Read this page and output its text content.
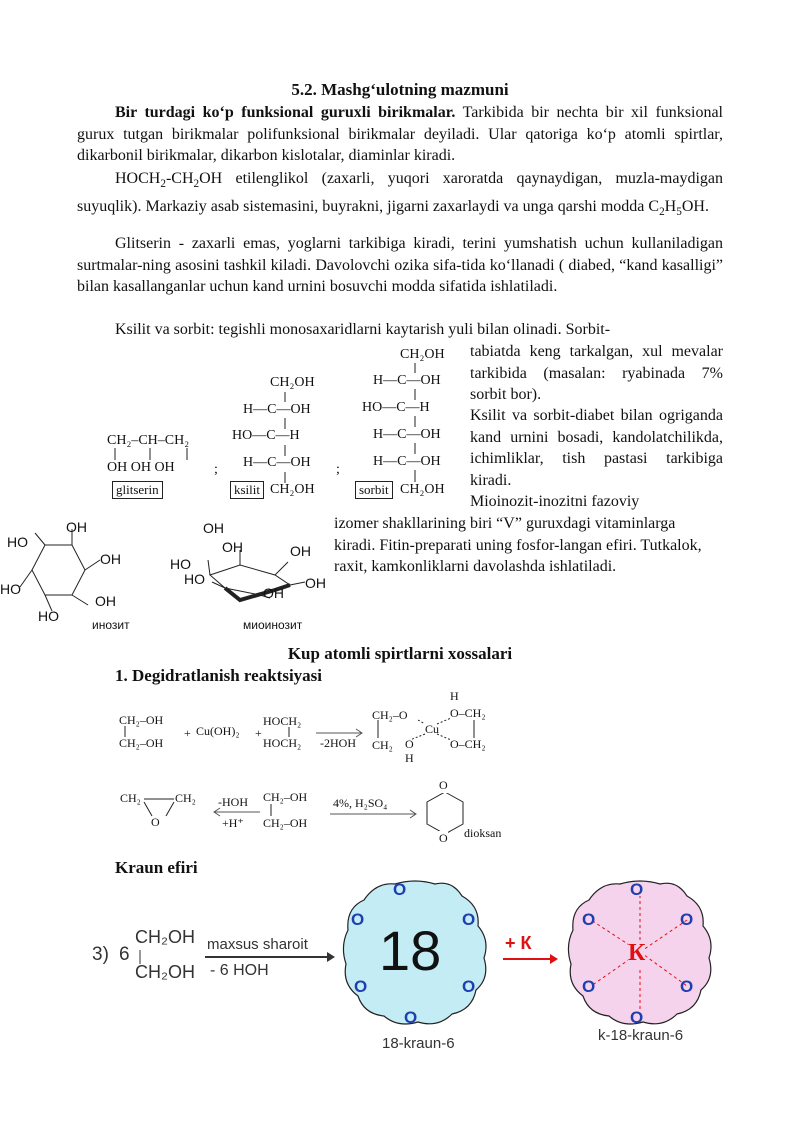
5.2. Mashg‘ulotning mazmuni

Bir turdagi ko‘p funksional guruxli birikmalar. Tarkibida bir nechta bir xil funksional gurux tutgan birikmalar polifunksional birikmalar deyiladi. Ular qatoriga ko‘p atomli spirtlar, dikarbonil birikmalar, dikarbon kislotalar, diaminlar kiradi.

$HOCH_2-CH_2OH$ etilenglikol (zaxarli, yuqori xaroratda qaynaydigan, muzla-maydigan suyuqlik). Markaziy asab sistemasini, buyrakni, jigarni zaxarlaydi va unga qarshi modda $C_2H_5OH$.

Glitserin - zaxarli emas, yoglarni tarkibiga kiradi, terini yumshatish uchun kullaniladigan surtmalar-ning asosini tashkil kiladi. Davolovchi ozika sifa-tida ko‘llanadi ( diabed, “kand kasalligi” bilan kasallanganlar uchun kand urnini bosuvchi modda sifatida ishlatiladi.

Ksilit va sorbit: tegishli monosaxaridlarni kaytarish yuli bilan olinadi. Sorbit-

tabiatda keng tarkalgan, xul mevalar tarkibida (masalan: ryabinada 7% sorbit bor).

Ksilit va sorbit-diabet bilan ogriganda kand urnini bosadi, kandolatchilikda, ichimliklar, tish pastasi tarkibiga kiradi.

Mioinozit-inozitni fazoviy

izomer shakllarining biri “V” guruxdagi vitaminlarga kiradi. Fitin-preparati uning fosfor-langan efiri. Tutkalok, raxit, kamkonliklarni davolashda ishlatiladi.

CH₂–CH–CH₂
OH OH OH	;
glitserin
CH₂OH
H—C—OH
HO—C—H
H—C—OH
CH₂OH
ksilit
;
CH₂OH
H—C—OH
HO—C—H
H—C—OH
H—C—OH
CH₂OH
sorbit
OH
HO
OH
HO
OH
HO
инозит
OH
OH	OH
HO
HO	OH
OH
миоинозит
Kup atomli spirtlarni xossalari
1. Degidratlanish reaktsiyasi
CH₂–OH
CH₂–OH
+ Cu(OH)₂ +
HOCH₂
HOCH₂ -2HOH
CH₂–O
CH₂ O
H
Cu
H
O–CH₂
O–CH₂
CH₂	CH₂
O
-HOH
+H⁺
CH₂–OH
CH₂–OH
4%, H₂SO₄
O
O dioksan
Kraun efiri
3) 6
CH₂OH
CH₂OH
maxsus sharoit
- 6 HOH 18
O
O
O
O
O
O
18-kraun-6
+ К
O
O
O
O
O
O
К
k-18-kraun-6
